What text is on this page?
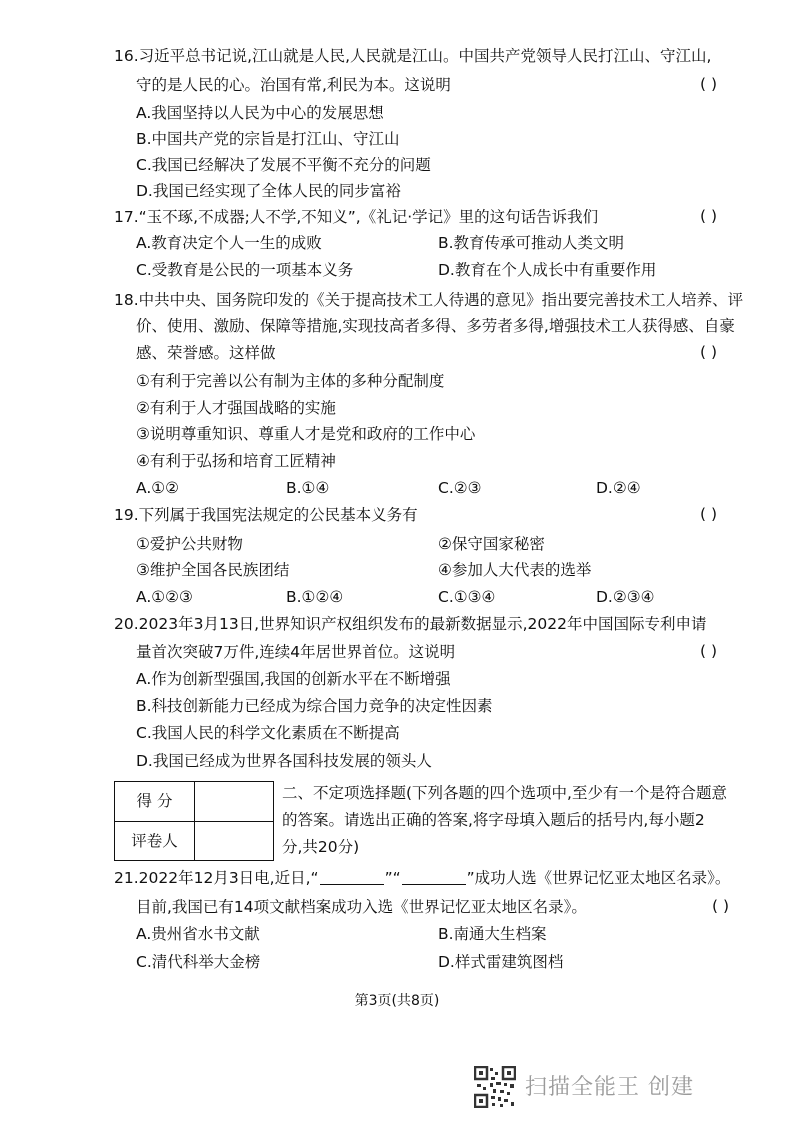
16.习近平总书记说,江山就是人民,人民就是江山。中国共产党领导人民打江山、守江山,
守的是人民的心。治国有常,利民为本。这说明	( )
A.我国坚持以人民为中心的发展思想
B.中国共产党的宗旨是打江山、守江山
C.我国已经解决了发展不平衡不充分的问题
D.我国已经实现了全体人民的同步富裕
17.“玉不琢,不成器;人不学,不知义”,《礼记·学记》里的这句话告诉我们	( )
A.教育决定个人一生的成败	B.教育传承可推动人类文明
C.受教育是公民的一项基本义务	D.教育在个人成长中有重要作用
18.中共中央、国务院印发的《关于提高技术工人待遇的意见》指出要完善技术工人培养、评
价、使用、激励、保障等措施,实现技高者多得、多劳者多得,增强技术工人获得感、自豪
感、荣誉感。这样做	( )
①有利于完善以公有制为主体的多种分配制度
②有利于人才强国战略的实施
③说明尊重知识、尊重人才是党和政府的工作中心
④有利于弘扬和培育工匠精神
A.①②	B.①④	C.②③	D.②④
19.下列属于我国宪法规定的公民基本义务有	( )
①爱护公共财物	②保守国家秘密
③维护全国各民族团结	④参加人大代表的选举
A.①②③	B.①②④	C.①③④	D.②③④
20.2023年3月13日,世界知识产权组织发布的最新数据显示,2022年中国国际专利申请
量首次突破7万件,连续4年居世界首位。这说明	( )
A.作为创新型强国,我国的创新水平在不断增强
B.科技创新能力已经成为综合国力竞争的决定性因素
C.我国人民的科学文化素质在不断提高
D.我国已经成为世界各国科技发展的领头人
得 分
评卷人
二、不定项选择题(下列各题的四个选项中,至少有一个是符合题意
的答案。请选出正确的答案,将字母填入题后的括号内,每小题2
分,共20分)
21.2022年12月3日电,近日,“	”“	”成功人选《世界记忆亚太地区名录》。
目前,我国已有14项文献档案成功入选《世界记忆亚太地区名录》。	( )
A.贵州省水书文献	B.南通大生档案
C.清代科举大金榜	D.样式雷建筑图档
第3页(共8页)
扫描全能王 创建
